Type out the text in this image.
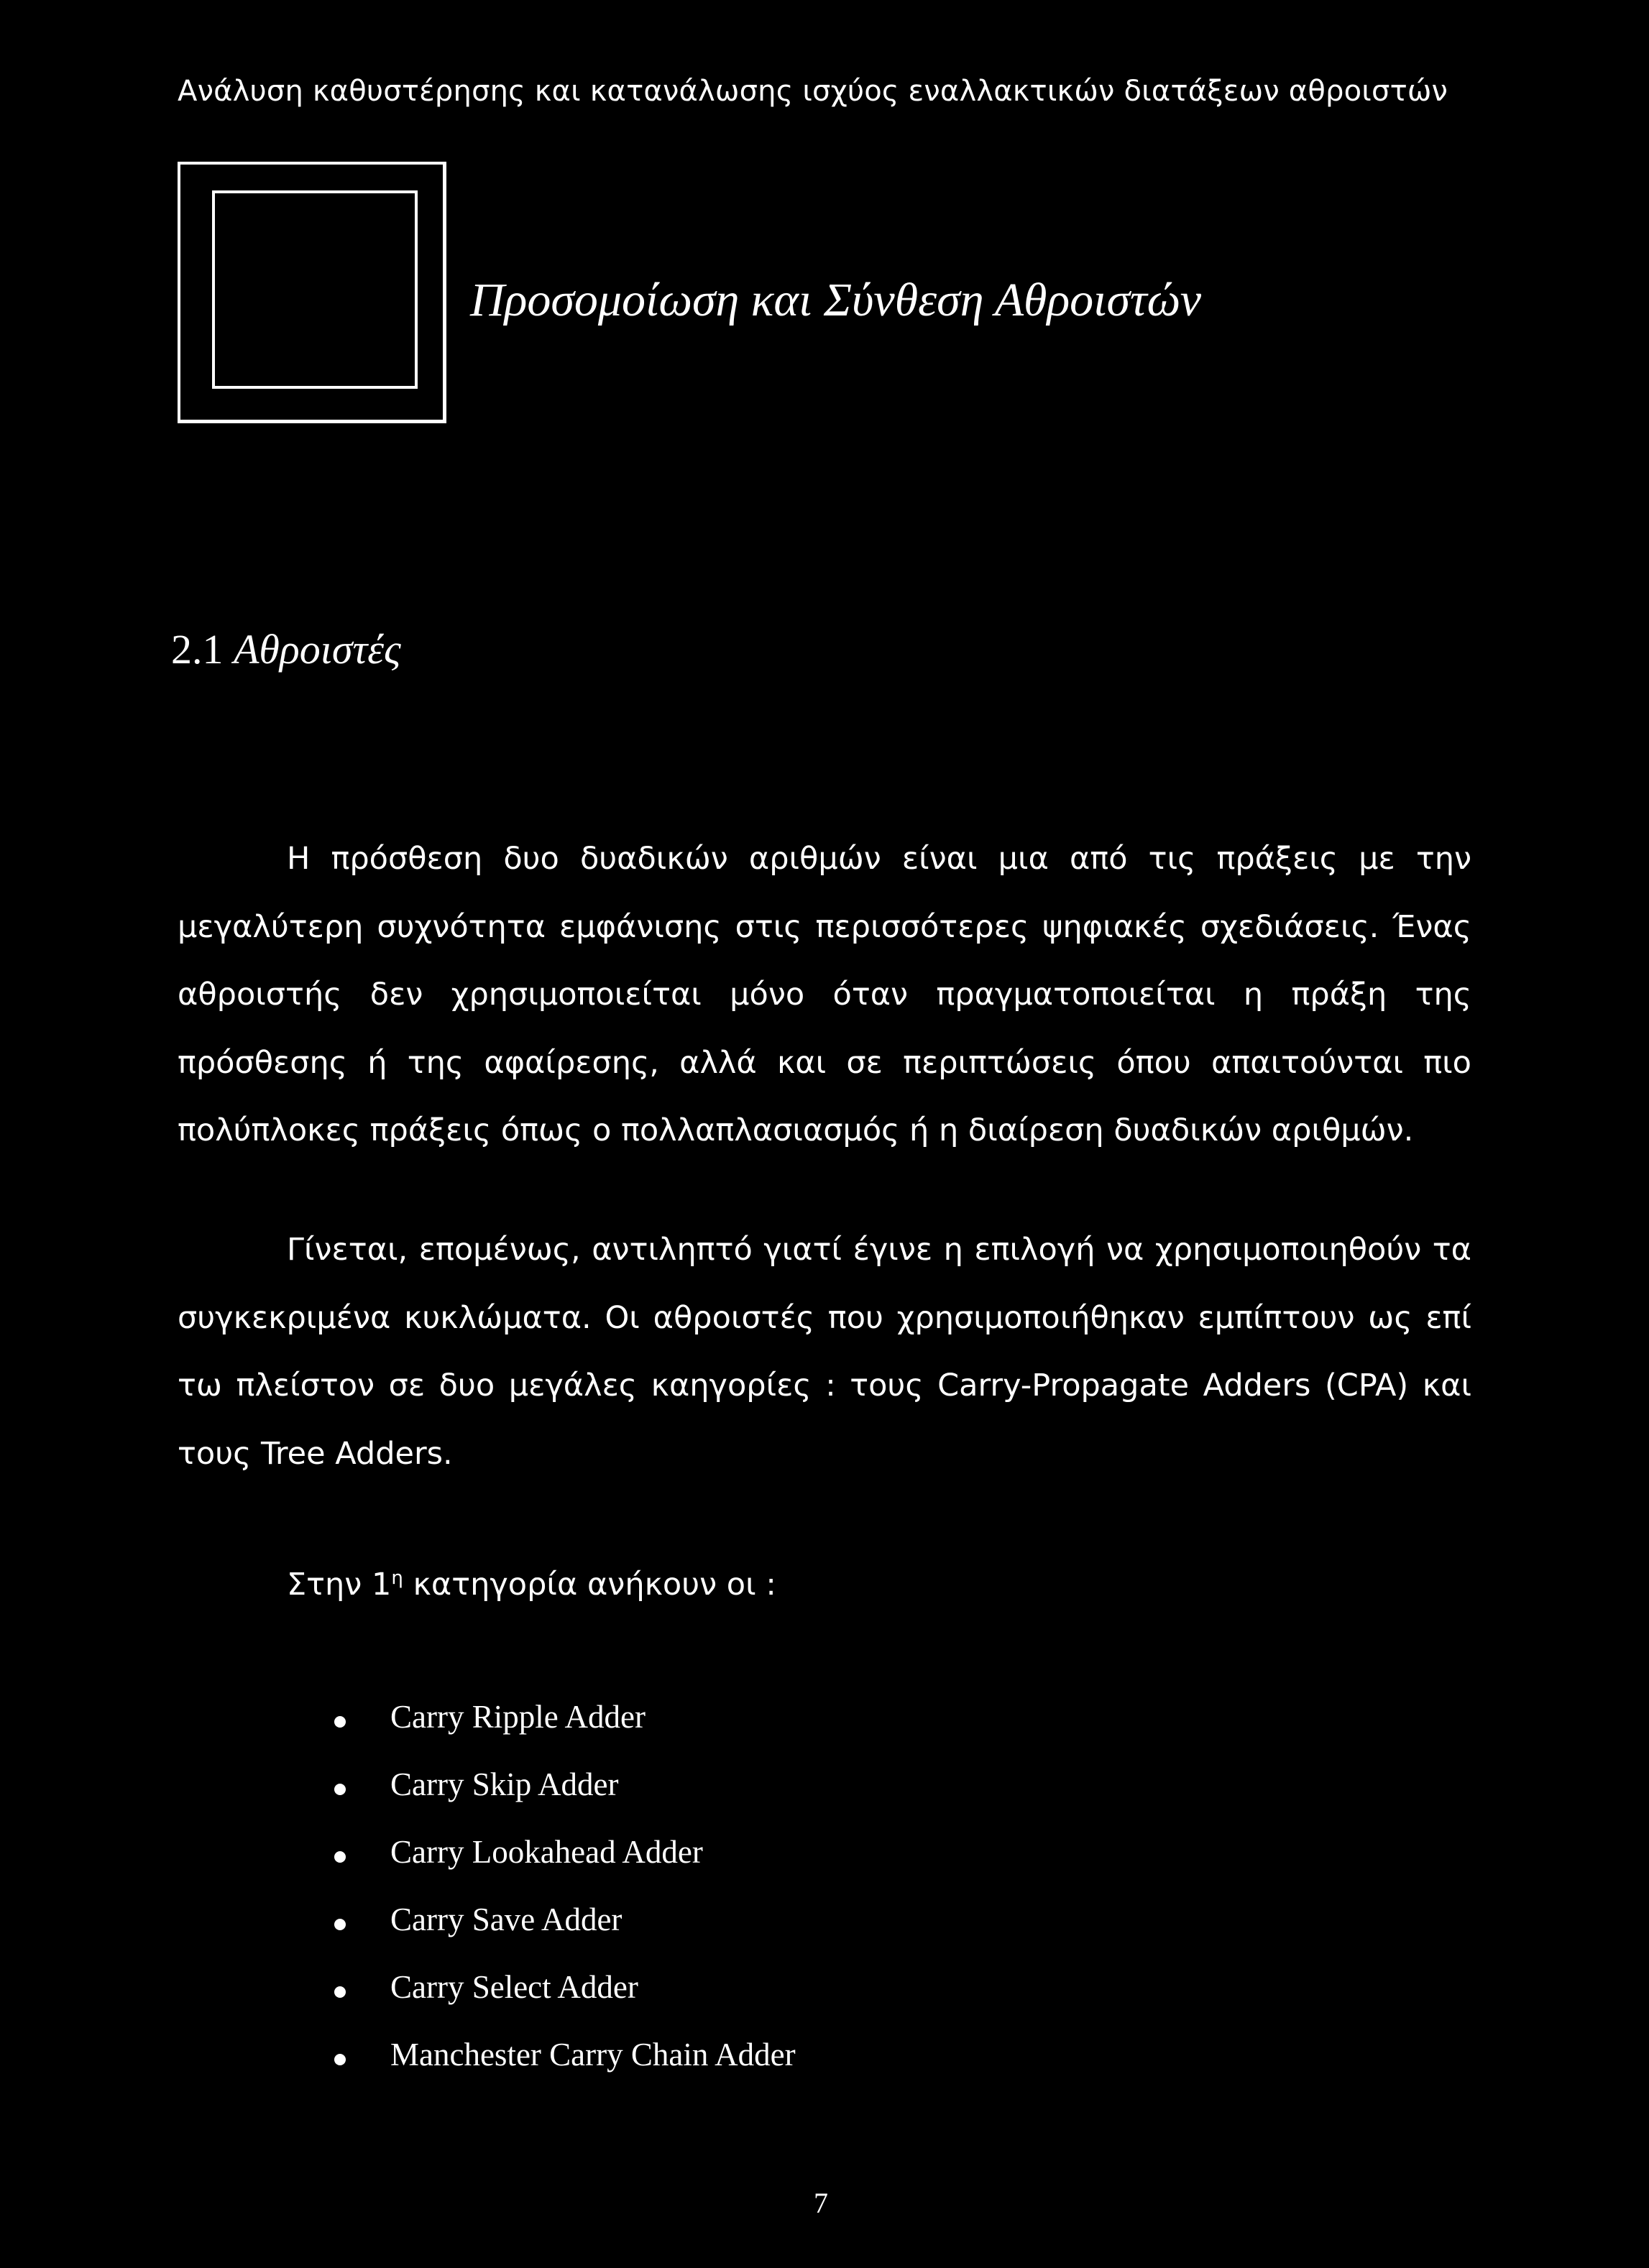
Ανάλυση καθυστέρησης και κατανάλωσης ισχύος εναλλακτικών διατάξεων αθροιστών
Προσομοίωση και Σύνθεση Αθροιστών
2.1 Αθροιστές

Η πρόσθεση δυο δυαδικών αριθμών είναι μια από τις πράξεις με την μεγαλύτερη συχνότητα εμφάνισης στις περισσότερες ψηφιακές σχεδιάσεις. Ένας αθροιστής δεν χρησιμοποιείται μόνο όταν πραγματοποιείται η πράξη της πρόσθεσης ή της αφαίρεσης, αλλά και σε περιπτώσεις όπου απαιτούνται πιο πολύπλοκες πράξεις όπως ο πολλαπλασιασμός ή η διαίρεση δυαδικών αριθμών.

Γίνεται, επομένως, αντιληπτό γιατί έγινε η επιλογή να χρησιμοποιηθούν τα συγκεκριμένα κυκλώματα. Οι αθροιστές που χρησιμοποιήθηκαν εμπίπτουν ως επί τω πλείστον σε δυο μεγάλες καηγορίες : τους Carry-Propagate Adders (CPA) και τους Tree Adders.

Στην $1^\eta$ κατηγορία ανήκουν οι :
Carry Ripple Adder
Carry Skip Adder
Carry Lookahead Adder
Carry Save Adder
Carry Select Adder
Manchester Carry Chain Adder
7
